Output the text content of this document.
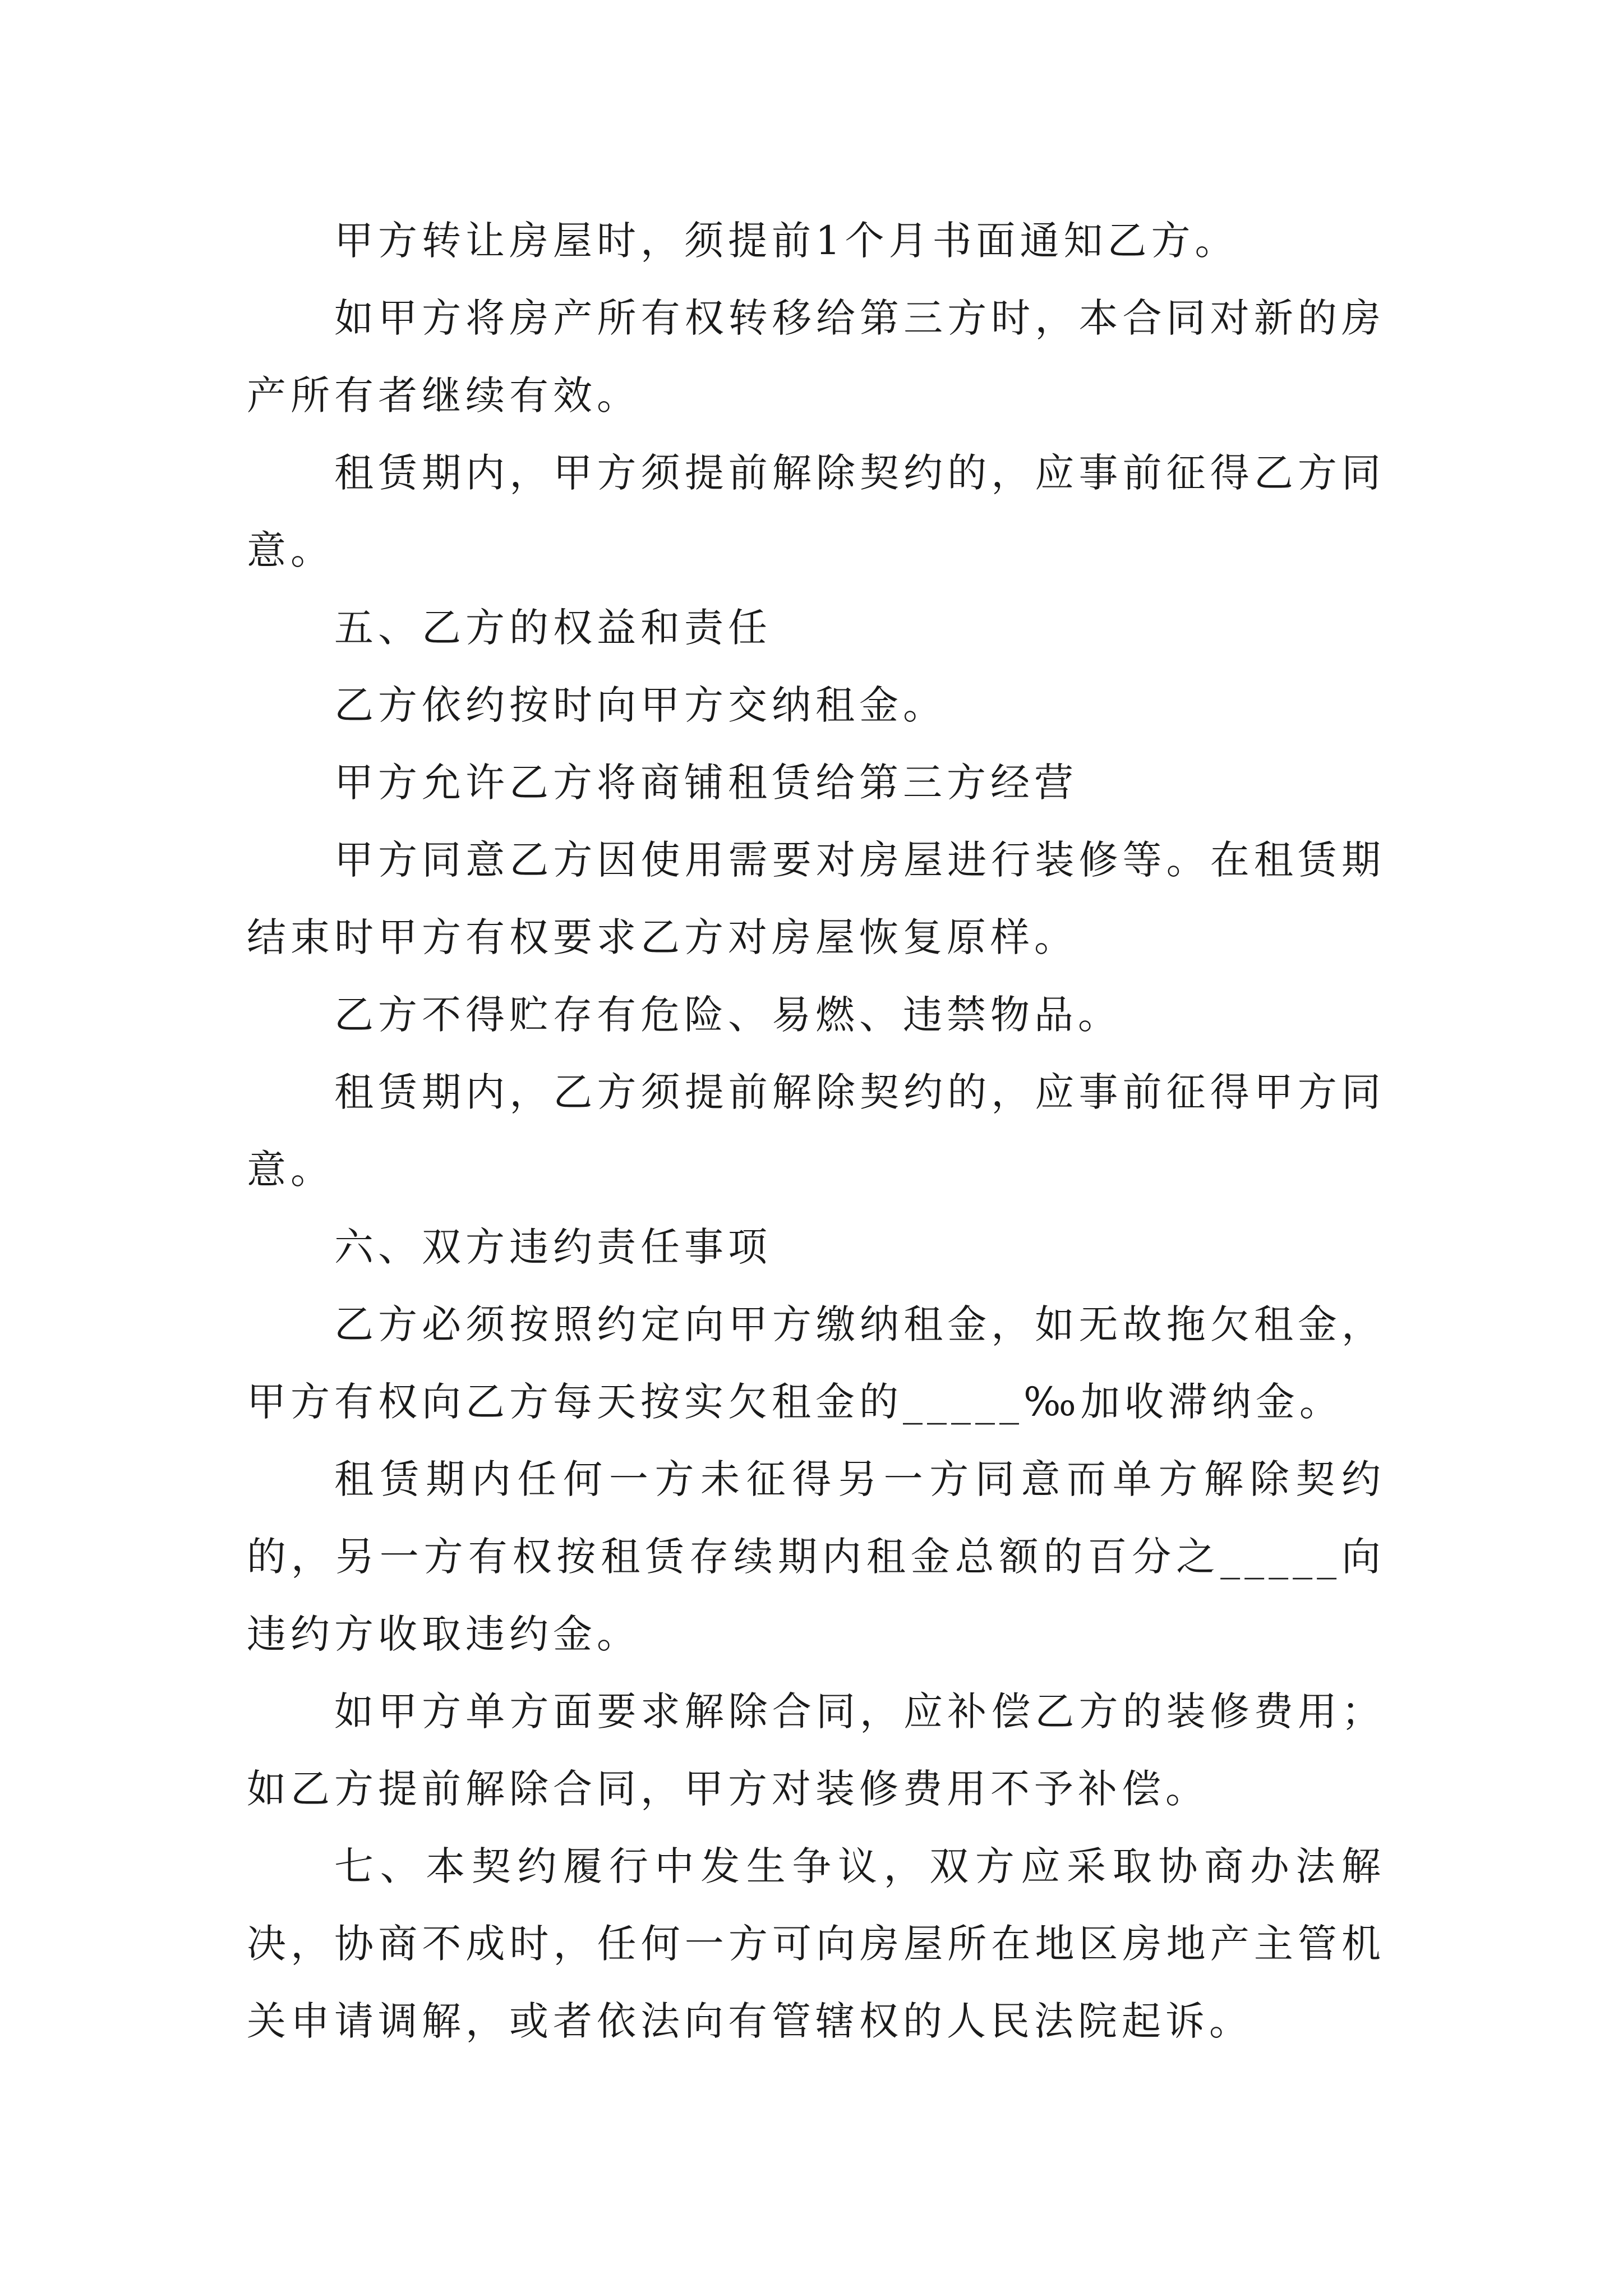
甲方转让房屋时，须提前1个月书面通知乙方。

如甲方将房产所有权转移给第三方时，本合同对新的房产所有者继续有效。

租赁期内，甲方须提前解除契约的，应事前征得乙方同意。

五、乙方的权益和责任

乙方依约按时向甲方交纳租金。

甲方允许乙方将商铺租赁给第三方经营

甲方同意乙方因使用需要对房屋进行装修等。在租赁期结束时甲方有权要求乙方对房屋恢复原样。

乙方不得贮存有危险、易燃、违禁物品。

租赁期内，乙方须提前解除契约的，应事前征得甲方同意。

六、双方违约责任事项

乙方必须按照约定向甲方缴纳租金，如无故拖欠租金，甲方有权向乙方每天按实欠租金的_____‰加收滞纳金。

租赁期内任何一方未征得另一方同意而单方解除契约的，另一方有权按租赁存续期内租金总额的百分之_____向违约方收取违约金。

如甲方单方面要求解除合同，应补偿乙方的装修费用；如乙方提前解除合同，甲方对装修费用不予补偿。

七、本契约履行中发生争议，双方应采取协商办法解决，协商不成时，任何一方可向房屋所在地区房地产主管机关申请调解，或者依法向有管辖权的人民法院起诉。
